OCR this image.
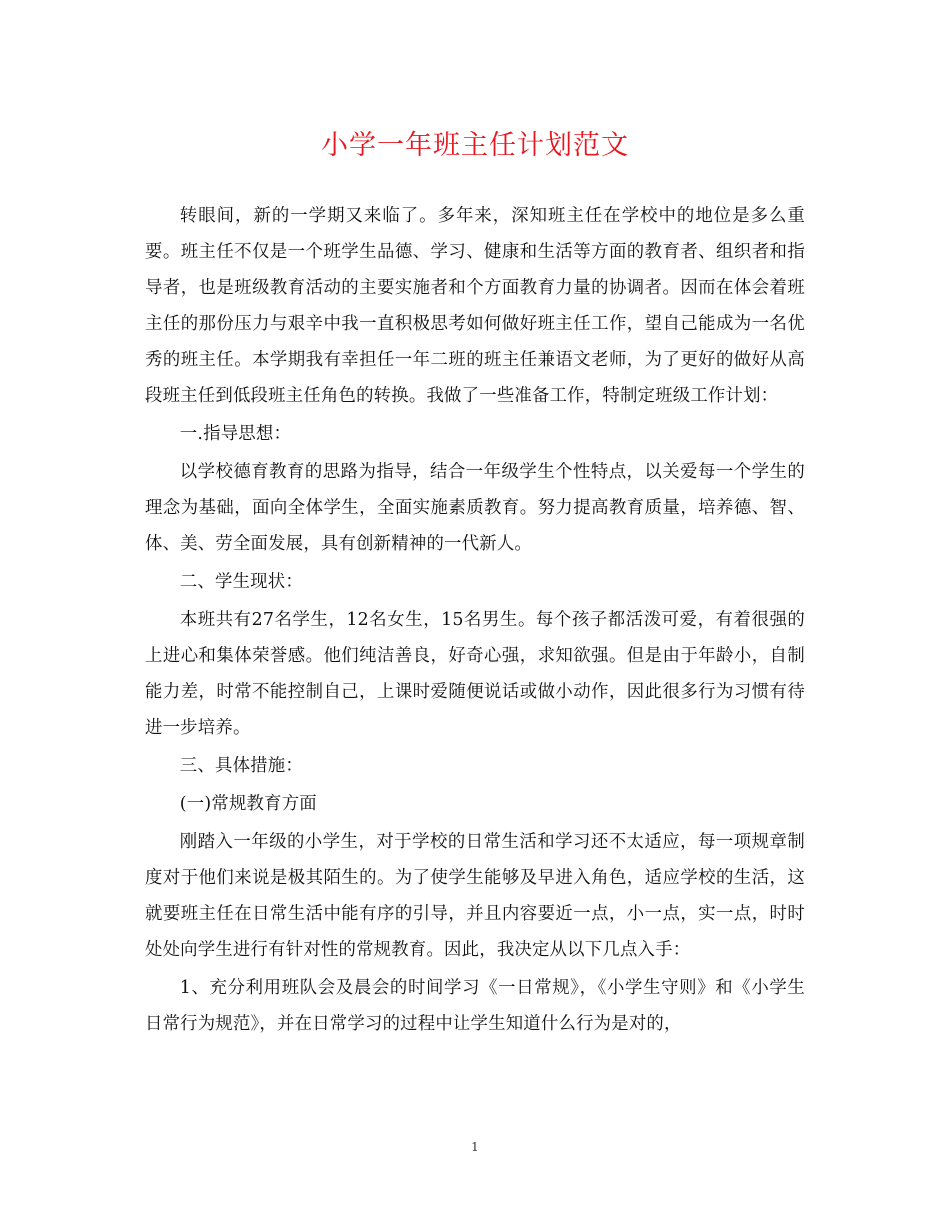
小学一年班主任计划范文

转眼间，新的一学期又来临了。多年来，深知班主任在学校中的地位是多么重要。班主任不仅是一个班学生品德、学习、健康和生活等方面的教育者、组织者和指导者，也是班级教育活动的主要实施者和个方面教育力量的协调者。因而在体会着班主任的那份压力与艰辛中我一直积极思考如何做好班主任工作，望自己能成为一名优秀的班主任。本学期我有幸担任一年二班的班主任兼语文老师，为了更好的做好从高段班主任到低段班主任角色的转换。我做了一些准备工作，特制定班级工作计划：

一.指导思想：

以学校德育教育的思路为指导，结合一年级学生个性特点，以关爱每一个学生的理念为基础，面向全体学生，全面实施素质教育。努力提高教育质量，培养德、智、体、美、劳全面发展，具有创新精神的一代新人。

二、学生现状：

本班共有27名学生，12名女生，15名男生。每个孩子都活泼可爱，有着很强的上进心和集体荣誉感。他们纯洁善良，好奇心强，求知欲强。但是由于年龄小，自制能力差，时常不能控制自己，上课时爱随便说话或做小动作，因此很多行为习惯有待进一步培养。

三、具体措施：

(一)常规教育方面

刚踏入一年级的小学生，对于学校的日常生活和学习还不太适应，每一项规章制度对于他们来说是极其陌生的。为了使学生能够及早进入角色，适应学校的生活，这就要班主任在日常生活中能有序的引导，并且内容要近一点，小一点，实一点，时时处处向学生进行有针对性的常规教育。因此，我决定从以下几点入手：

1、充分利用班队会及晨会的时间学习《一日常规》，《小学生守则》和《小学生日常行为规范》，并在日常学习的过程中让学生知道什么行为是对的，

1
